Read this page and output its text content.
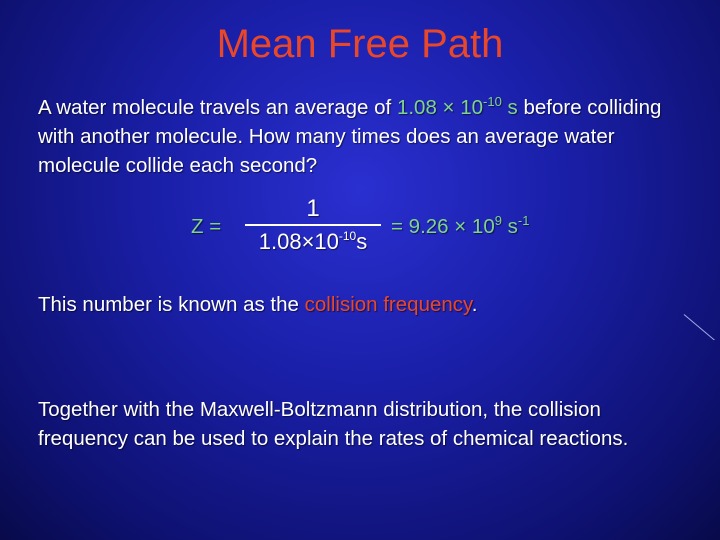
Mean Free Path

A water molecule travels an average of $1.08 \times 10^{-10}$ s before colliding with another molecule. How many times does an average water molecule collide each second?

Z =
1
$1.08\times 10^{-10}s$
= $9.26 \times 10^9$ $s^{-1}$

This number is known as the collision frequency.

Together with the Maxwell-Boltzmann distribution, the collision frequency can be used to explain the rates of chemical reactions.
